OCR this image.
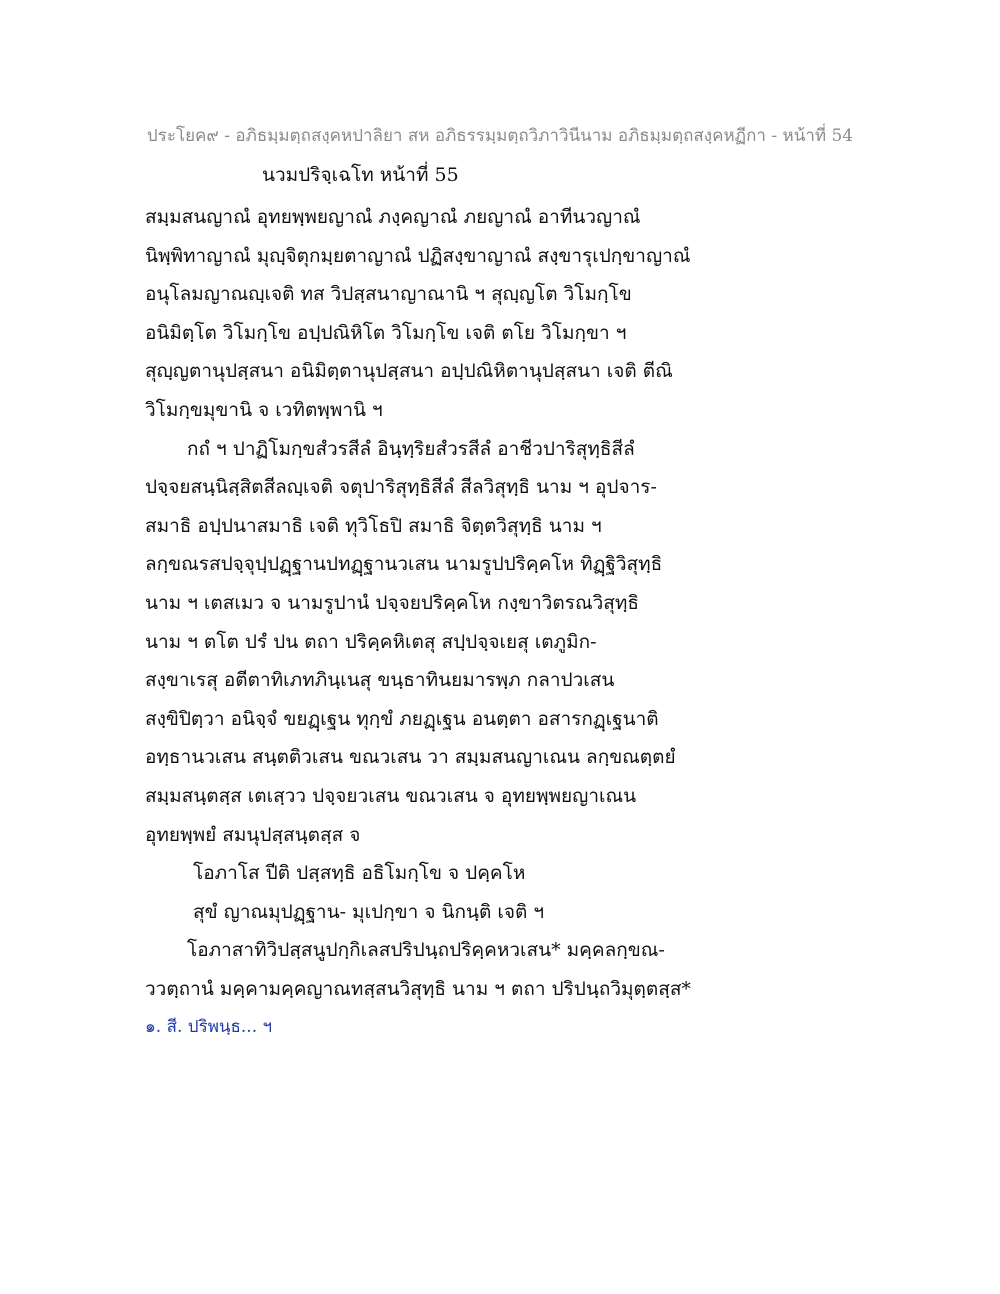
ประโยค๙ - อภิธมฺมตฺถสงฺคหปาลิยา สห อภิธรรมฺมตฺถวิภาวินีนาม อภิธมฺมตฺถสงฺคหฏีกา - หน้าที่ 54
นวมปริจฺเฉโท หน้าที่ 55

สมฺมสนญาณํ อุทยพฺพยญาณํ ภงฺคญาณํ ภยญาณํ อาทีนวญาณํ

นิพฺพิทาญาณํ มุญฺจิตุกมฺยตาญาณํ ปฏิสงฺขาญาณํ สงฺขารุเปกฺขาญาณํ

อนุโลมญาณญฺเจติ ทส วิปสฺสนาญาณานิ ฯ สุญฺญโต วิโมกฺโข

อนิมิตฺโต วิโมกฺโข อปฺปณิหิโต วิโมกฺโข เจติ ตโย วิโมกฺขา ฯ

สุญฺญตานุปสฺสนา อนิมิตฺตานุปสฺสนา อปฺปณิหิตานุปสฺสนา เจติ ตีณิ

วิโมกฺขมุขานิ จ เวทิตพฺพานิ ฯ

กถํ ฯ ปาฏิโมกฺขสํวรสีลํ อินฺทฺริยสํวรสีลํ อาชีวปาริสุทฺธิสีลํ

ปจฺจยสนฺนิสฺสิตสีลญฺเจติ จตุปาริสุทฺธิสีลํ สีลวิสุทฺธิ นาม ฯ อุปจาร-

สมาธิ อปฺปนาสมาธิ เจติ ทุวิโธปิ สมาธิ จิตฺตวิสุทฺธิ นาม ฯ

ลกฺขณรสปจฺจุปฺปฏฺฐานปทฏฺฐานวเสน นามรูปปริคฺคโห ทิฏฺฐิวิสุทฺธิ

นาม ฯ เตสเมว จ นามรูปานํ ปจฺจยปริคฺคโห กงฺขาวิตรณวิสุทฺธิ

นาม ฯ ตโต ปรํ ปน ตถา ปริคฺคหิเตสุ สปฺปจฺจเยสุ เตภูมิก-

สงฺขาเรสุ อตีตาทิเภทภินฺเนสุ ขนฺธาทินยมารพฺภ กลาปวเสน

สงฺขิปิตฺวา อนิจฺจํ ขยฏฺเฐน ทุกฺขํ ภยฏฺเฐน อนตฺตา อสารกฏฺเฐนาติ

อทฺธานวเสน สนฺตติวเสน ขณวเสน วา สมฺมสนญาเณน ลกฺขณตฺตยํ

สมฺมสนฺตสฺส เตเสฺวว ปจฺจยวเสน ขณวเสน จ อุทยพฺพยญาเณน

อุทยพฺพยํ สมนุปสฺสนฺตสฺส จ

โอภาโส ปีติ ปสฺสทฺธิ อธิโมกฺโข จ ปคฺคโห

สุขํ ญาณมุปฏฺฐาน- มุเปกฺขา จ นิกนฺติ เจติ ฯ

โอภาสาทิวิปสฺสนูปกฺกิเลสปริปนฺถปริคฺคหวเสน* มคฺคลกฺขณ-

ววตฺถานํ มคฺคามคฺคญาณทสฺสนวิสุทฺธิ นาม ฯ ตถา ปริปนฺถวิมุตฺตสฺส*

๑. สี. ปริพนฺธ... ฯ
